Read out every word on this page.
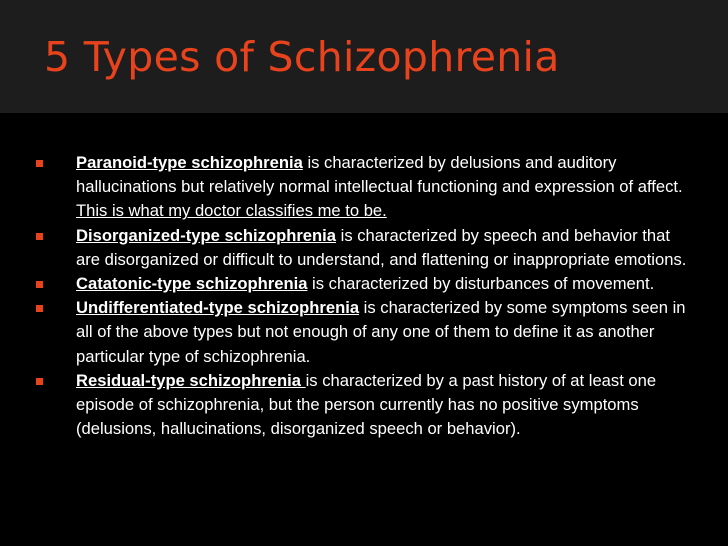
5 Types of Schizophrenia
Paranoid-type schizophrenia is characterized by delusions and auditory hallucinations but relatively normal intellectual functioning and expression of affect. This is what my doctor classifies me to be.
Disorganized-type schizophrenia is characterized by speech and behavior that are disorganized or difficult to understand, and flattening or inappropriate emotions.
Catatonic-type schizophrenia is characterized by disturbances of movement.
Undifferentiated-type schizophrenia is characterized by some symptoms seen in all of the above types but not enough of any one of them to define it as another particular type of schizophrenia.
Residual-type schizophrenia is characterized by a past history of at least one episode of schizophrenia, but the person currently has no positive symptoms (delusions, hallucinations, disorganized speech or behavior).
